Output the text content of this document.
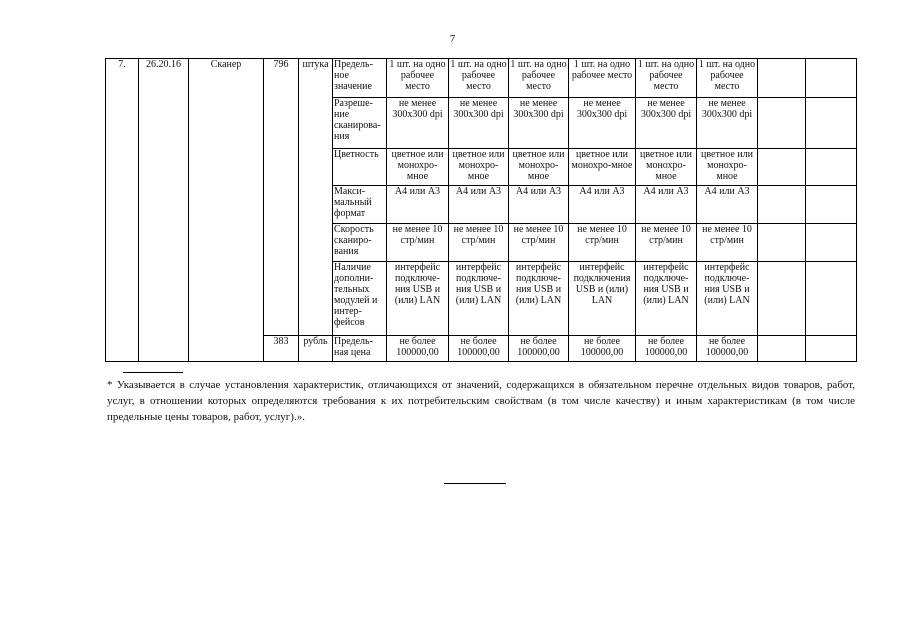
7
7.	26.20.16	Сканер	796	штука	Предель-ное значение	1 шт. на одно рабочее место	1 шт. на одно рабочее место	1 шт. на одно рабочее место	1 шт. на одно рабочее место	1 шт. на одно рабочее место	1 шт. на одно рабочее место		
					Разреше-ние сканирова-ния	не менее 300x300 dpi	не менее 300x300 dpi	не менее 300x300 dpi	не менее 300x300 dpi	не менее 300x300 dpi	не менее 300x300 dpi		
					Цветность	цветное или монохро-мное	цветное или монохро-мное	цветное или монохро-мное	цветное или монохро-мное	цветное или монохро-мное	цветное или монохро-мное		
					Макси-мальный формат	А4 или А3	А4 или А3	А4 или А3	А4 или А3	А4 или А3	А4 или А3		
					Скорость сканиро-вания	не менее 10 стр/мин	не менее 10 стр/мин	не менее 10 стр/мин	не менее 10 стр/мин	не менее 10 стр/мин	не менее 10 стр/мин		
					Наличие дополни-тельных модулей и интер-фейсов	интерфейс подключе-ния USB и (или) LAN	интерфейс подключе-ния USB и (или) LAN	интерфейс подключе-ния USB и (или) LAN	интерфейс подключения USB и (или) LAN	интерфейс подключе-ния USB и (или) LAN	интерфейс подключе-ния USB и (или) LAN		
			383	рубль	Предель-ная цена	не более 100000,00	не более 100000,00	не более 100000,00	не более 100000,00	не более 100000,00	не более 100000,00		
* Указывается в случае установления характеристик, отличающихся от значений, содержащихся в обязательном перечне отдельных видов товаров, работ, услуг, в отношении которых определяются требования к их потребительским свойствам (в том числе качеству) и иным характеристикам (в том числе предельные цены товаров, работ, услуг).».
